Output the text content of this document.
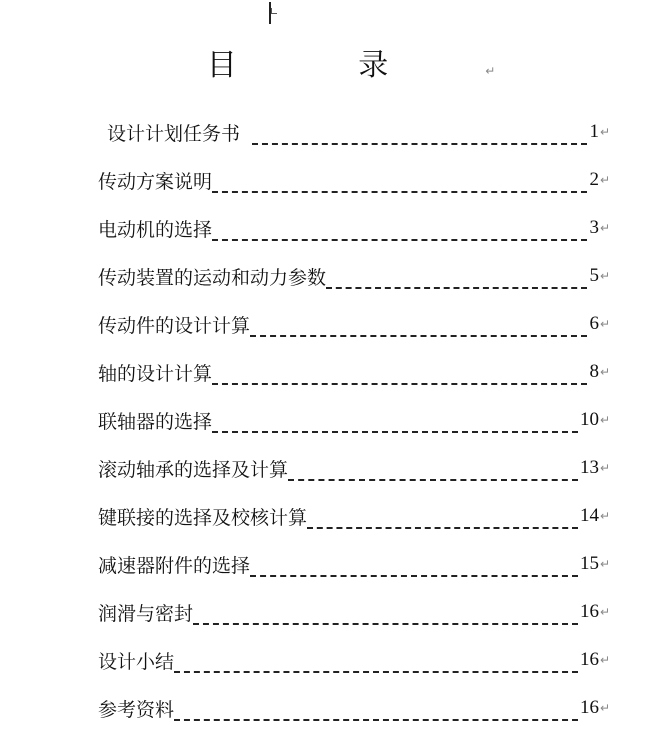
目 录	↵
设计计划任务书	1 ↵
传动方案说明	2 ↵
电动机的选择	3 ↵
传动装置的运动和动力参数	5 ↵
传动件的设计计算	6 ↵
轴的设计计算	8 ↵
联轴器的选择	10 ↵
滚动轴承的选择及计算	13 ↵
键联接的选择及校核计算	14 ↵
减速器附件的选择	15 ↵
润滑与密封	16 ↵
设计小结	16 ↵
参考资料	16 ↵
